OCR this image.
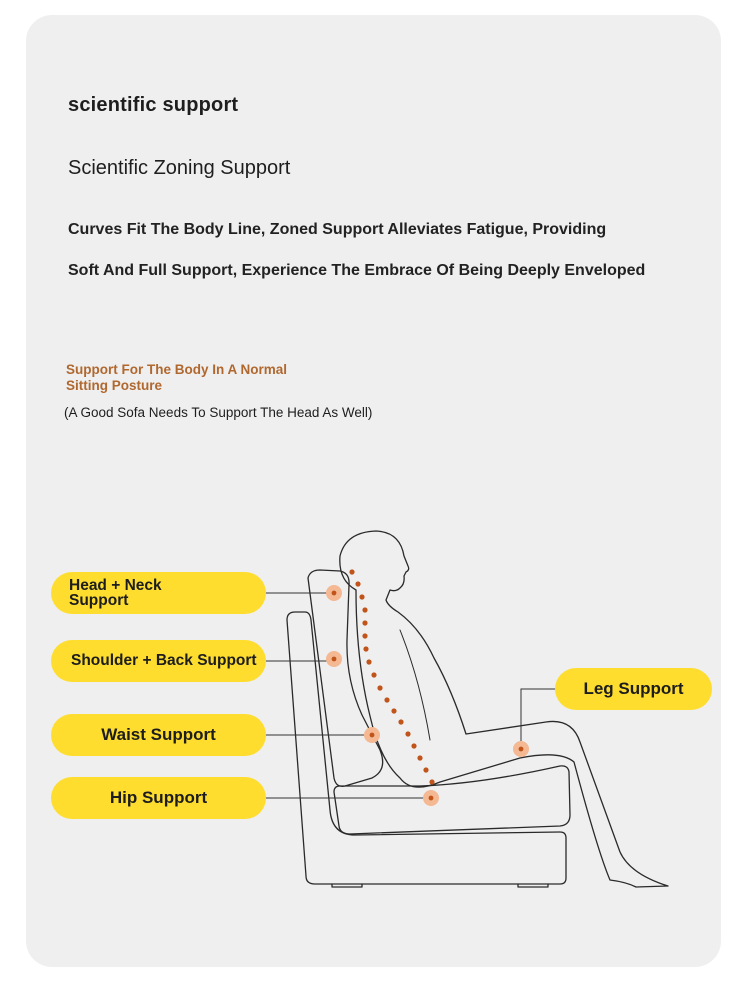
scientific support
Scientific Zoning Support
Curves Fit The Body Line, Zoned Support Alleviates Fatigue, Providing
Soft And Full Support, Experience The Embrace Of Being Deeply Enveloped
Support For The Body In A Normal Sitting Posture
(A Good Sofa Needs To Support The Head As Well)
Head + Neck
Support
Shoulder + Back Support
Waist Support
Hip Support
Leg Support
